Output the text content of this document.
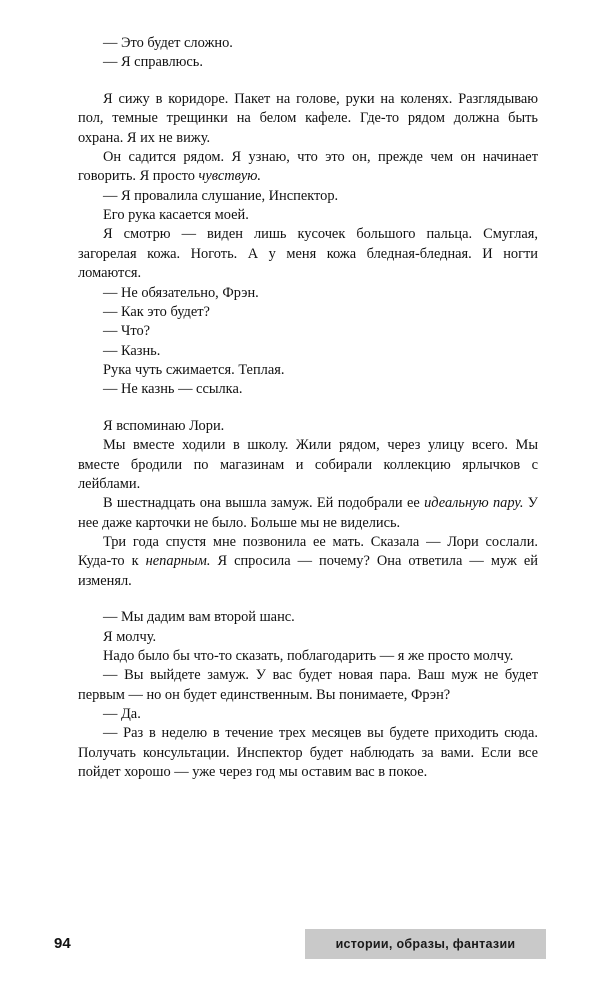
— Это будет сложно.

— Я справлюсь.

Я сижу в коридоре. Пакет на голове, руки на коленях. Разглядываю пол, темные трещинки на белом кафеле. Где-то рядом должна быть охрана. Я их не вижу.

Он садится рядом. Я узнаю, что это он, прежде чем он начинает говорить. Я просто чувствую.

— Я провалила слушание, Инспектор.

Его рука касается моей.

Я смотрю — виден лишь кусочек большого пальца. Смуглая, загорелая кожа. Ноготь. А у меня кожа бледная-бледная. И ногти ломаются.

— Не обязательно, Фрэн.

— Как это будет?

— Что?

— Казнь.

Рука чуть сжимается. Теплая.

— Не казнь — ссылка.

Я вспоминаю Лори.

Мы вместе ходили в школу. Жили рядом, через улицу всего. Мы вместе бродили по магазинам и собирали коллекцию ярлычков с лейблами.

В шестнадцать она вышла замуж. Ей подобрали ее идеальную пару. У нее даже карточки не было. Больше мы не виделись.

Три года спустя мне позвонила ее мать. Сказала — Лори сослали. Куда-то к непарным. Я спросила — почему? Она ответила — муж ей изменял.

— Мы дадим вам второй шанс.

Я молчу.

Надо было бы что-то сказать, поблагодарить — я же просто молчу.

— Вы выйдете замуж. У вас будет новая пара. Ваш муж не будет первым — но он будет единственным. Вы понимаете, Фрэн?

— Да.

— Раз в неделю в течение трех месяцев вы будете приходить сюда. Получать консультации. Инспектор будет наблюдать за вами. Если все пойдет хорошо — уже через год мы оставим вас в покое.

94	истории, образы, фантазии
